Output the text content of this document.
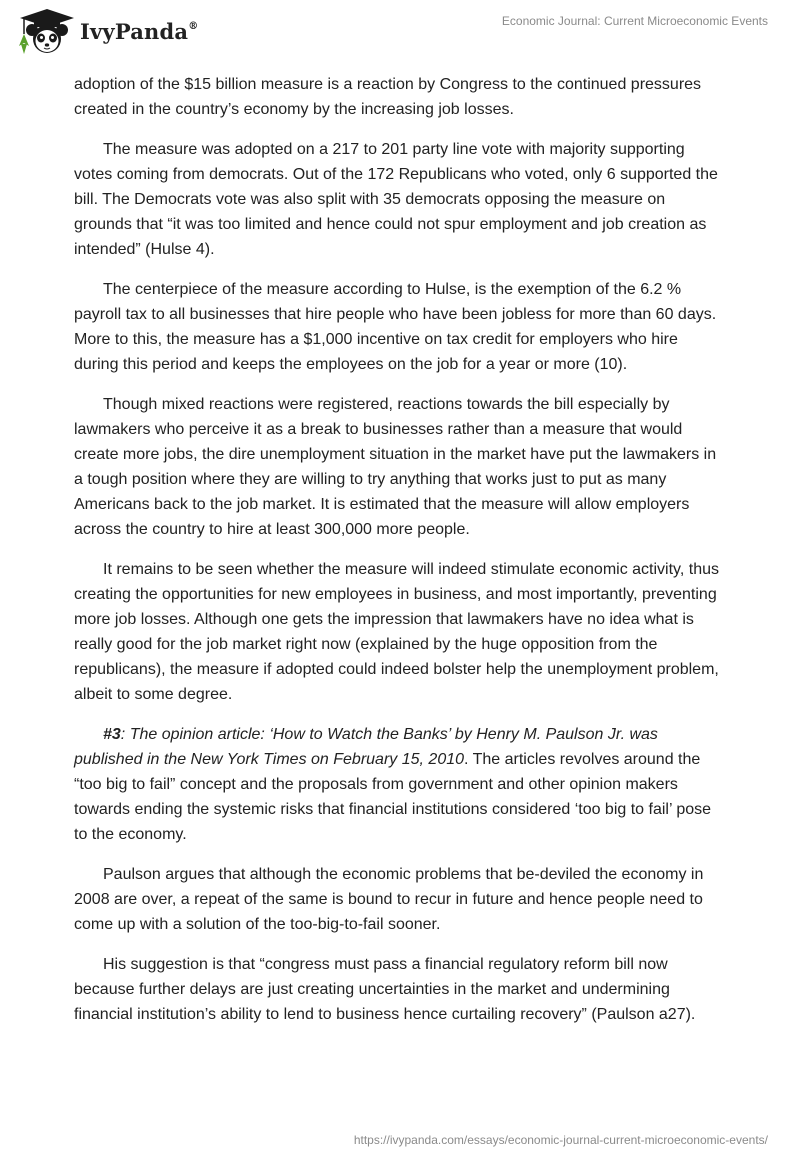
IvyPanda®	Economic Journal: Current Microeconomic Events

adoption of the $15 billion measure is a reaction by Congress to the continued pressures created in the country’s economy by the increasing job losses.

The measure was adopted on a 217 to 201 party line vote with majority supporting votes coming from democrats. Out of the 172 Republicans who voted, only 6 supported the bill. The Democrats vote was also split with 35 democrats opposing the measure on grounds that “it was too limited and hence could not spur employment and job creation as intended” (Hulse 4).

The centerpiece of the measure according to Hulse, is the exemption of the 6.2 % payroll tax to all businesses that hire people who have been jobless for more than 60 days. More to this, the measure has a $1,000 incentive on tax credit for employers who hire during this period and keeps the employees on the job for a year or more (10).

Though mixed reactions were registered, reactions towards the bill especially by lawmakers who perceive it as a break to businesses rather than a measure that would create more jobs, the dire unemployment situation in the market have put the lawmakers in a tough position where they are willing to try anything that works just to put as many Americans back to the job market. It is estimated that the measure will allow employers across the country to hire at least 300,000 more people.

It remains to be seen whether the measure will indeed stimulate economic activity, thus creating the opportunities for new employees in business, and most importantly, preventing more job losses. Although one gets the impression that lawmakers have no idea what is really good for the job market right now (explained by the huge opposition from the republicans), the measure if adopted could indeed bolster help the unemployment problem, albeit to some degree.

#3: The opinion article: ‘How to Watch the Banks’ by Henry M. Paulson Jr. was published in the New York Times on February 15, 2010. The articles revolves around the “too big to fail” concept and the proposals from government and other opinion makers towards ending the systemic risks that financial institutions considered ‘too big to fail’ pose to the economy.

Paulson argues that although the economic problems that be-deviled the economy in 2008 are over, a repeat of the same is bound to recur in future and hence people need to come up with a solution of the too-big-to-fail sooner.

His suggestion is that “congress must pass a financial regulatory reform bill now because further delays are just creating uncertainties in the market and undermining financial institution’s ability to lend to business hence curtailing recovery” (Paulson a27).

https://ivypanda.com/essays/economic-journal-current-microeconomic-events/
